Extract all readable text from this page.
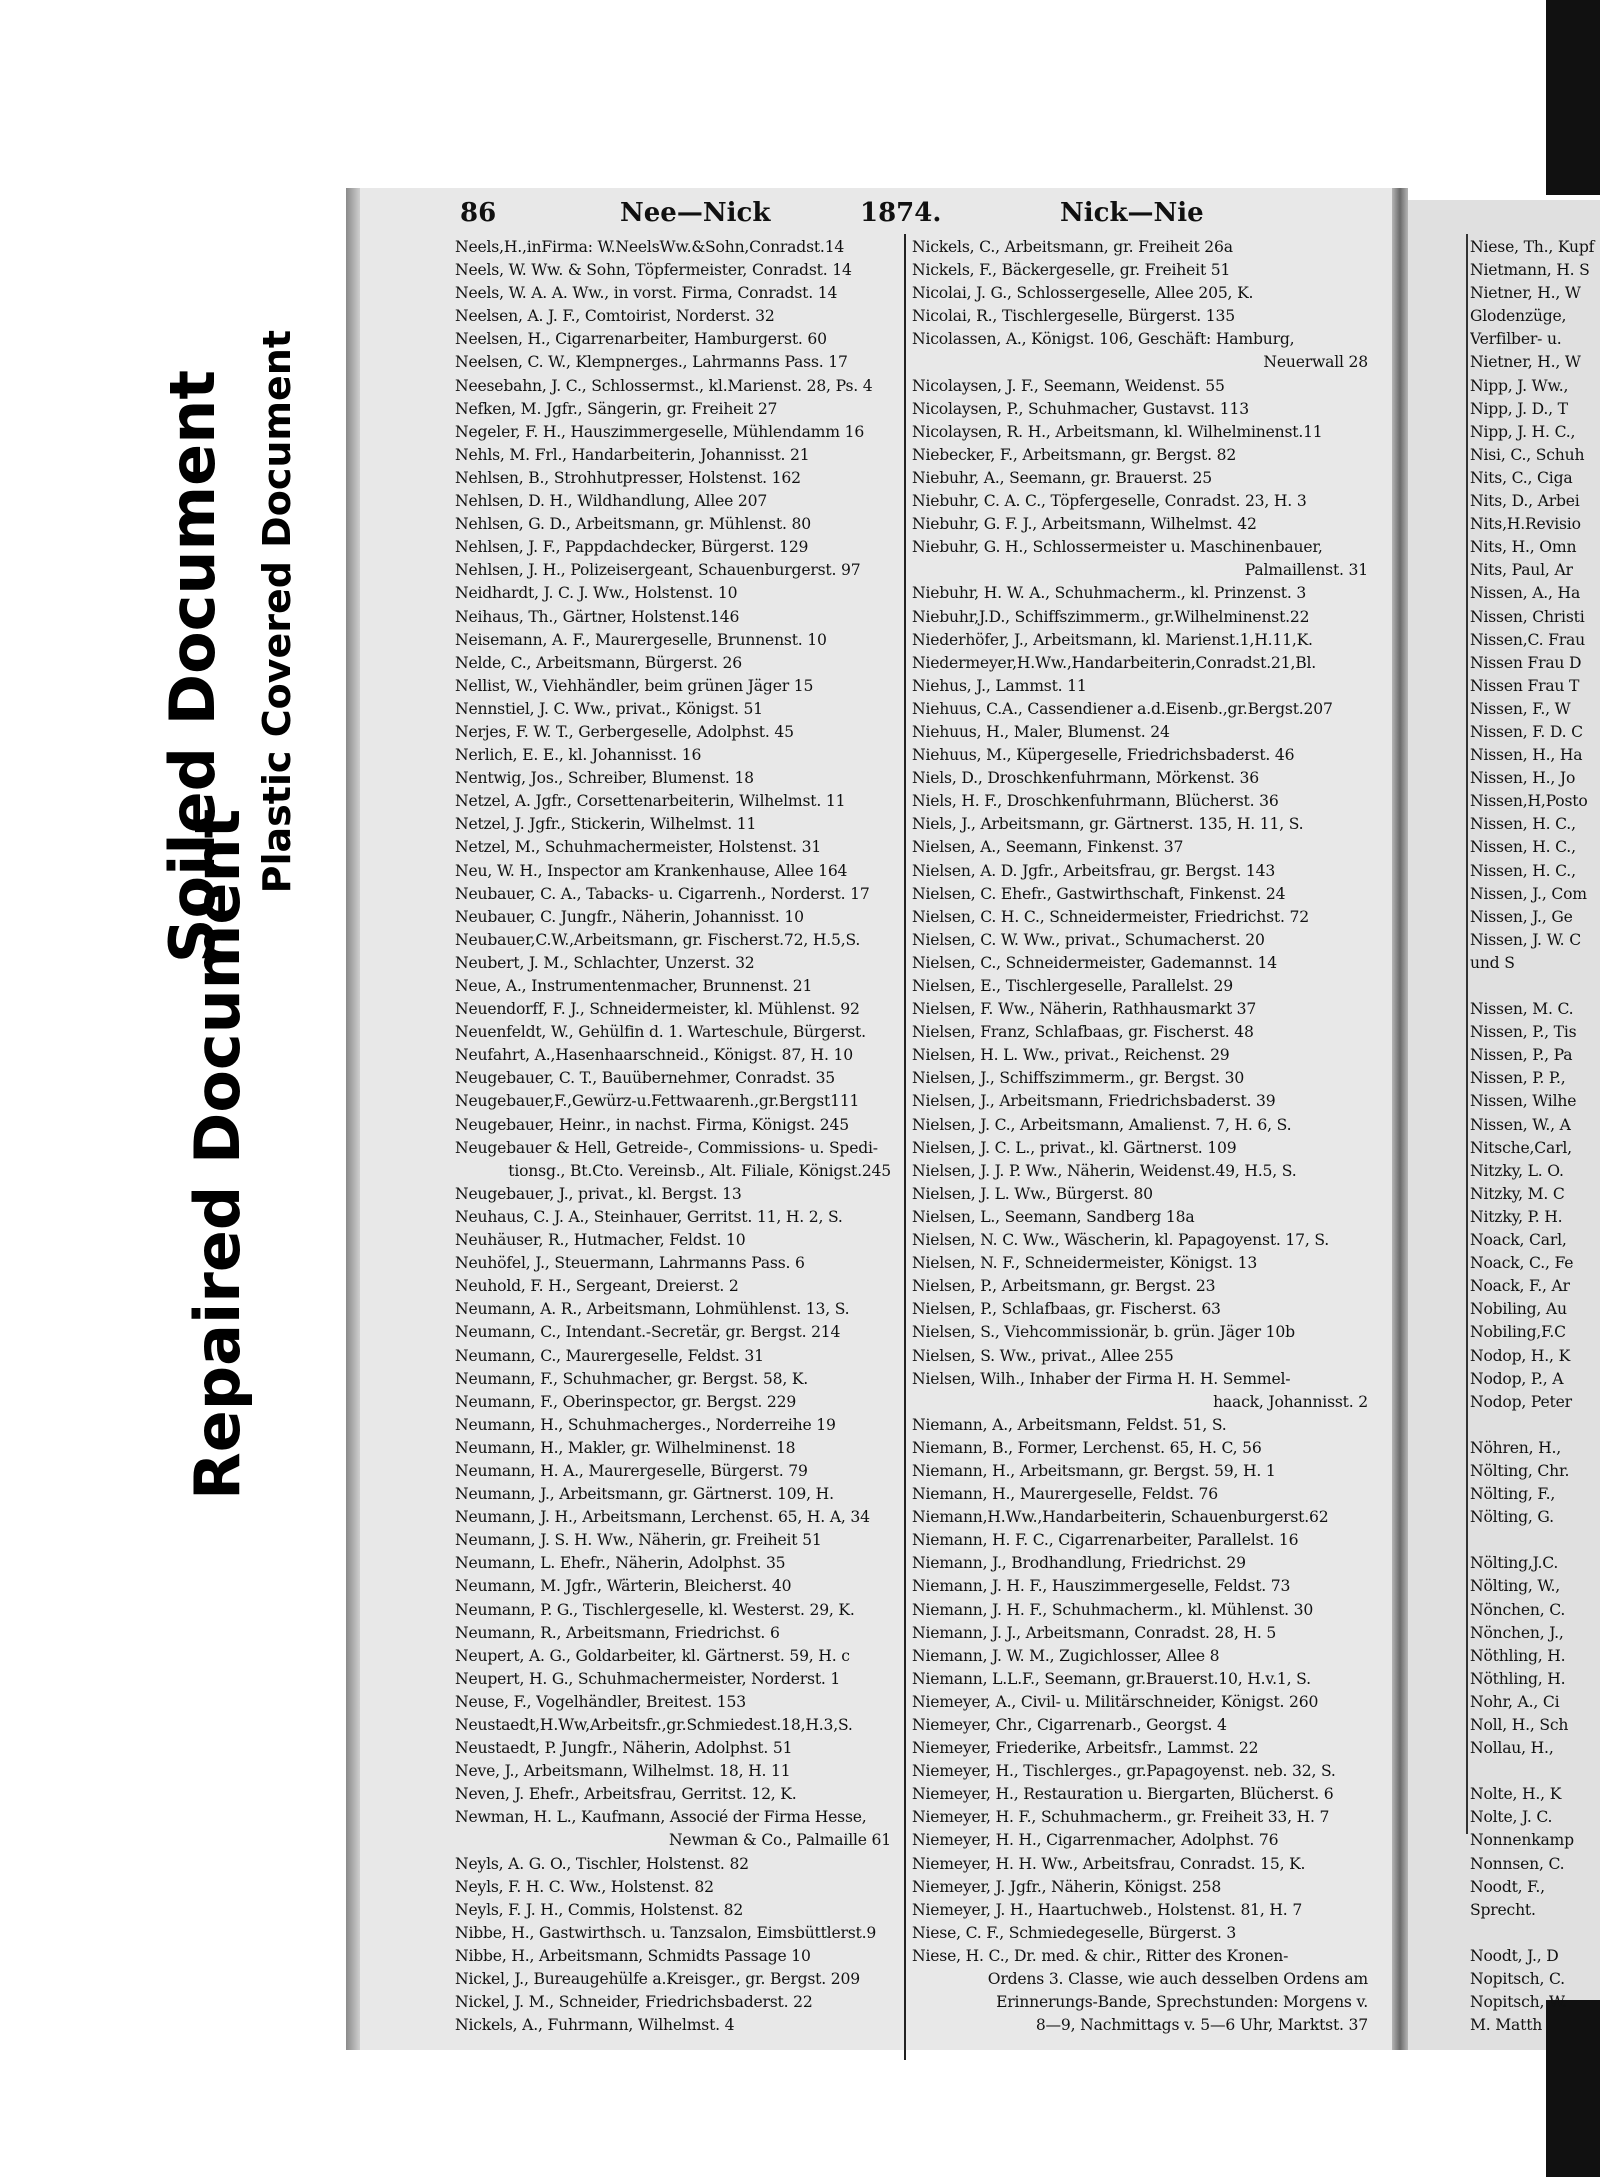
Soiled Document Plastic Covered Document
Repaired Document
86	Nee—Nick	1874.	Nick—Nie
Neels,H.,inFirma: W.NeelsWw.&Sohn,Conradst.14
Neels, W. Ww. & Sohn, Töpfermeister, Conradst. 14
Neels, W. A. A. Ww., in vorst. Firma, Conradst. 14
Neelsen, A. J. F., Comtoirist, Norderst. 32
Neelsen, H., Cigarrenarbeiter, Hamburgerst. 60
Neelsen, C. W., Klempnerges., Lahrmanns Pass. 17
Neesebahn, J. C., Schlossermst., kl.Marienst. 28, Ps. 4
Nefken, M. Jgfr., Sängerin, gr. Freiheit 27
Negeler, F. H., Hauszimmergeselle, Mühlendamm 16
Nehls, M. Frl., Handarbeiterin, Johannisst. 21
Nehlsen, B., Strohhutpresser, Holstenst. 162
Nehlsen, D. H., Wildhandlung, Allee 207
Nehlsen, G. D., Arbeitsmann, gr. Mühlenst. 80
Nehlsen, J. F., Pappdachdecker, Bürgerst. 129
Nehlsen, J. H., Polizeisergeant, Schauenburgerst. 97
Neidhardt, J. C. J. Ww., Holstenst. 10
Neihaus, Th., Gärtner, Holstenst.146
Neisemann, A. F., Maurergeselle, Brunnenst. 10
Nelde, C., Arbeitsmann, Bürgerst. 26
Nellist, W., Viehhändler, beim grünen Jäger 15
Nennstiel, J. C. Ww., privat., Königst. 51
Nerjes, F. W. T., Gerbergeselle, Adolphst. 45
Nerlich, E. E., kl. Johannisst. 16
Nentwig, Jos., Schreiber, Blumenst. 18
Netzel, A. Jgfr., Corsettenarbeiterin, Wilhelmst. 11
Netzel, J. Jgfr., Stickerin, Wilhelmst. 11
Netzel, M., Schuhmachermeister, Holstenst. 31
Neu, W. H., Inspector am Krankenhause, Allee 164
Neubauer, C. A., Tabacks- u. Cigarrenh., Norderst. 17
Neubauer, C. Jungfr., Näherin, Johannisst. 10
Neubauer,C.W.,Arbeitsmann, gr. Fischerst.72, H.5,S.
Neubert, J. M., Schlachter, Unzerst. 32
Neue, A., Instrumentenmacher, Brunnenst. 21
Neuendorff, F. J., Schneidermeister, kl. Mühlenst. 92
Neuenfeldt, W., Gehülfin d. 1. Warteschule, Bürgerst.
Neufahrt, A.,Hasenhaarschneid., Königst. 87, H. 10
Neugebauer, C. T., Bauübernehmer, Conradst. 35
Neugebauer,F.,Gewürz-u.Fettwaarenh.,gr.Bergst111
Neugebauer, Heinr., in nachst. Firma, Königst. 245
Neugebauer & Hell, Getreide-, Commissions- u. Spedi-
tionsg., Bt.Cto. Vereinsb., Alt. Filiale, Königst.245
Neugebauer, J., privat., kl. Bergst. 13
Neuhaus, C. J. A., Steinhauer, Gerritst. 11, H. 2, S.
Neuhäuser, R., Hutmacher, Feldst. 10
Neuhöfel, J., Steuermann, Lahrmanns Pass. 6
Neuhold, F. H., Sergeant, Dreierst. 2
Neumann, A. R., Arbeitsmann, Lohmühlenst. 13, S.
Neumann, C., Intendant.-Secretär, gr. Bergst. 214
Neumann, C., Maurergeselle, Feldst. 31
Neumann, F., Schuhmacher, gr. Bergst. 58, K.
Neumann, F., Oberinspector, gr. Bergst. 229
Neumann, H., Schuhmacherges., Norderreihe 19
Neumann, H., Makler, gr. Wilhelminenst. 18
Neumann, H. A., Maurergeselle, Bürgerst. 79
Neumann, J., Arbeitsmann, gr. Gärtnerst. 109, H.
Neumann, J. H., Arbeitsmann, Lerchenst. 65, H. A, 34
Neumann, J. S. H. Ww., Näherin, gr. Freiheit 51
Neumann, L. Ehefr., Näherin, Adolphst. 35
Neumann, M. Jgfr., Wärterin, Bleicherst. 40
Neumann, P. G., Tischlergeselle, kl. Westerst. 29, K.
Neumann, R., Arbeitsmann, Friedrichst. 6
Neupert, A. G., Goldarbeiter, kl. Gärtnerst. 59, H. c
Neupert, H. G., Schuhmachermeister, Norderst. 1
Neuse, F., Vogelhändler, Breitest. 153
Neustaedt,H.Ww,Arbeitsfr.,gr.Schmiedest.18,H.3,S.
Neustaedt, P. Jungfr., Näherin, Adolphst. 51
Neve, J., Arbeitsmann, Wilhelmst. 18, H. 11
Neven, J. Ehefr., Arbeitsfrau, Gerritst. 12, K.
Newman, H. L., Kaufmann, Associé der Firma Hesse,
Newman & Co., Palmaille 61
Neyls, A. G. O., Tischler, Holstenst. 82
Neyls, F. H. C. Ww., Holstenst. 82
Neyls, F. J. H., Commis, Holstenst. 82
Nibbe, H., Gastwirthsch. u. Tanzsalon, Eimsbüttlerst.9
Nibbe, H., Arbeitsmann, Schmidts Passage 10
Nickel, J., Bureaugehülfe a.Kreisger., gr. Bergst. 209
Nickel, J. M., Schneider, Friedrichsbaderst. 22
Nickels, A., Fuhrmann, Wilhelmst. 4
Nickels, C., Arbeitsmann, gr. Freiheit 26a
Nickels, F., Bäckergeselle, gr. Freiheit 51
Nicolai, J. G., Schlossergeselle, Allee 205, K.
Nicolai, R., Tischlergeselle, Bürgerst. 135
Nicolassen, A., Königst. 106, Geschäft: Hamburg,
Neuerwall 28
Nicolaysen, J. F., Seemann, Weidenst. 55
Nicolaysen, P., Schuhmacher, Gustavst. 113
Nicolaysen, R. H., Arbeitsmann, kl. Wilhelminenst.11
Niebecker, F., Arbeitsmann, gr. Bergst. 82
Niebuhr, A., Seemann, gr. Brauerst. 25
Niebuhr, C. A. C., Töpfergeselle, Conradst. 23, H. 3
Niebuhr, G. F. J., Arbeitsmann, Wilhelmst. 42
Niebuhr, G. H., Schlossermeister u. Maschinenbauer,
Palmaillenst. 31
Niebuhr, H. W. A., Schuhmacherm., kl. Prinzenst. 3
Niebuhr,J.D., Schiffszimmerm., gr.Wilhelminenst.22
Niederhöfer, J., Arbeitsmann, kl. Marienst.1,H.11,K.
Niedermeyer,H.Ww.,Handarbeiterin,Conradst.21,Bl.
Niehus, J., Lammst. 11
Niehuus, C.A., Cassendiener a.d.Eisenb.,gr.Bergst.207
Niehuus, H., Maler, Blumenst. 24
Niehuus, M., Küpergeselle, Friedrichsbaderst. 46
Niels, D., Droschkenfuhrmann, Mörkenst. 36
Niels, H. F., Droschkenfuhrmann, Blücherst. 36
Niels, J., Arbeitsmann, gr. Gärtnerst. 135, H. 11, S.
Nielsen, A., Seemann, Finkenst. 37
Nielsen, A. D. Jgfr., Arbeitsfrau, gr. Bergst. 143
Nielsen, C. Ehefr., Gastwirthschaft, Finkenst. 24
Nielsen, C. H. C., Schneidermeister, Friedrichst. 72
Nielsen, C. W. Ww., privat., Schumacherst. 20
Nielsen, C., Schneidermeister, Gademannst. 14
Nielsen, E., Tischlergeselle, Parallelst. 29
Nielsen, F. Ww., Näherin, Rathhausmarkt 37
Nielsen, Franz, Schlafbaas, gr. Fischerst. 48
Nielsen, H. L. Ww., privat., Reichenst. 29
Nielsen, J., Schiffszimmerm., gr. Bergst. 30
Nielsen, J., Arbeitsmann, Friedrichsbaderst. 39
Nielsen, J. C., Arbeitsmann, Amalienst. 7, H. 6, S.
Nielsen, J. C. L., privat., kl. Gärtnerst. 109
Nielsen, J. J. P. Ww., Näherin, Weidenst.49, H.5, S.
Nielsen, J. L. Ww., Bürgerst. 80
Nielsen, L., Seemann, Sandberg 18a
Nielsen, N. C. Ww., Wäscherin, kl. Papagoyenst. 17, S.
Nielsen, N. F., Schneidermeister, Königst. 13
Nielsen, P., Arbeitsmann, gr. Bergst. 23
Nielsen, P., Schlafbaas, gr. Fischerst. 63
Nielsen, S., Viehcommissionär, b. grün. Jäger 10b
Nielsen, S. Ww., privat., Allee 255
Nielsen, Wilh., Inhaber der Firma H. H. Semmel-
haack, Johannisst. 2
Niemann, A., Arbeitsmann, Feldst. 51, S.
Niemann, B., Former, Lerchenst. 65, H. C, 56
Niemann, H., Arbeitsmann, gr. Bergst. 59, H. 1
Niemann, H., Maurergeselle, Feldst. 76
Niemann,H.Ww.,Handarbeiterin, Schauenburgerst.62
Niemann, H. F. C., Cigarrenarbeiter, Parallelst. 16
Niemann, J., Brodhandlung, Friedrichst. 29
Niemann, J. H. F., Hauszimmergeselle, Feldst. 73
Niemann, J. H. F., Schuhmacherm., kl. Mühlenst. 30
Niemann, J. J., Arbeitsmann, Conradst. 28, H. 5
Niemann, J. W. M., Zugichlosser, Allee 8
Niemann, L.L.F., Seemann, gr.Brauerst.10, H.v.1, S.
Niemeyer, A., Civil- u. Militärschneider, Königst. 260
Niemeyer, Chr., Cigarrenarb., Georgst. 4
Niemeyer, Friederike, Arbeitsfr., Lammst. 22
Niemeyer, H., Tischlerges., gr.Papagoyenst. neb. 32, S.
Niemeyer, H., Restauration u. Biergarten, Blücherst. 6
Niemeyer, H. F., Schuhmacherm., gr. Freiheit 33, H. 7
Niemeyer, H. H., Cigarrenmacher, Adolphst. 76
Niemeyer, H. H. Ww., Arbeitsfrau, Conradst. 15, K.
Niemeyer, J. Jgfr., Näherin, Königst. 258
Niemeyer, J. H., Haartuchweb., Holstenst. 81, H. 7
Niese, C. F., Schmiedegeselle, Bürgerst. 3
Niese, H. C., Dr. med. & chir., Ritter des Kronen-
Ordens 3. Classe, wie auch desselben Ordens am
Erinnerungs-Bande, Sprechstunden: Morgens v.
8—9, Nachmittags v. 5—6 Uhr, Marktst. 37
Niese, Th., Kupf
Nietmann, H. S
Nietner, H., W
Glodenzüge,
Verfilber- u.
Nietner, H., W
Nipp, J. Ww.,
Nipp, J. D., T
Nipp, J. H. C.,
Nisi, C., Schuh
Nits, C., Ciga
Nits, D., Arbei
Nits,H.Revisio
Nits, H., Omn
Nits, Paul, Ar
Nissen, A., Ha
Nissen, Christi
Nissen,C. Frau
Nissen Frau D
Nissen Frau T
Nissen, F., W
Nissen, F. D. C
Nissen, H., Ha
Nissen, H., Jo
Nissen,H,Posto
Nissen, H. C.,
Nissen, H. C.,
Nissen, H. C.,
Nissen, J., Com
Nissen, J., Ge
Nissen, J. W. C
und S

Nissen, M. C.
Nissen, P., Tis
Nissen, P., Pa
Nissen, P. P.,
Nissen, Wilhe
Nissen, W., A
Nitsche,Carl,
Nitzky, L. O.
Nitzky, M. C
Nitzky, P. H.
Noack, Carl,
Noack, C., Fe
Noack, F., Ar
Nobiling, Au
Nobiling,F.C
Nodop, H., K
Nodop, P., A
Nodop, Peter

Nöhren, H.,
Nölting, Chr.
Nölting, F.,
Nölting, G.

Nölting,J.C.
Nölting, W.,
Nönchen, C.
Nönchen, J.,
Nöthling, H.
Nöthling, H.
Nohr, A., Ci
Noll, H., Sch
Nollau, H.,

Nolte, H., K
Nolte, J. C.
Nonnenkamp
Nonnsen, C.
Noodt, F.,
Sprecht.

Noodt, J., D
Nopitsch, C.
Nopitsch, W.
M. Matth
